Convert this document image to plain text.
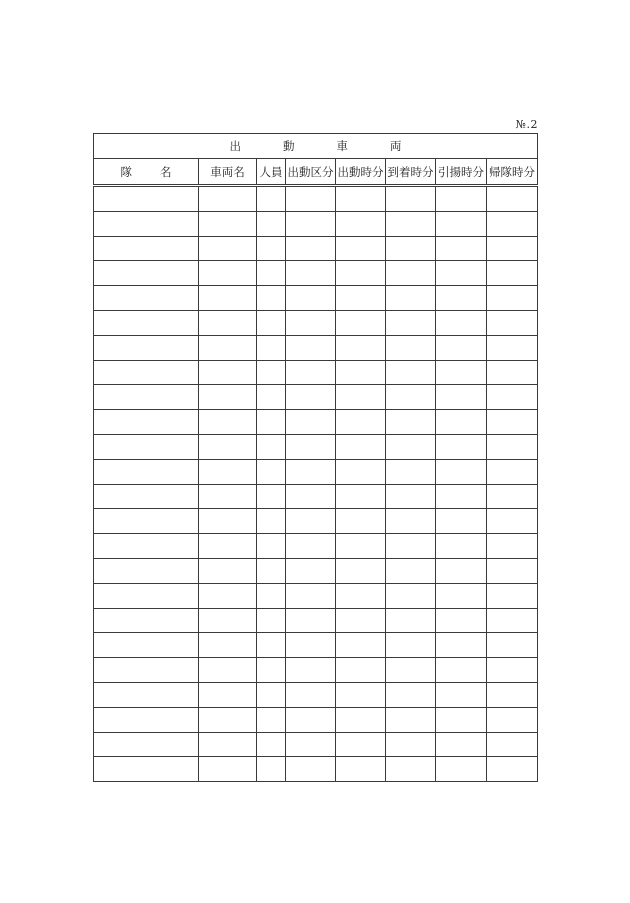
№.2
出 動 車 両							
隊 名	車両名	人員	出動区分	出動時分	到着時分	引揚時分	帰隊時分
